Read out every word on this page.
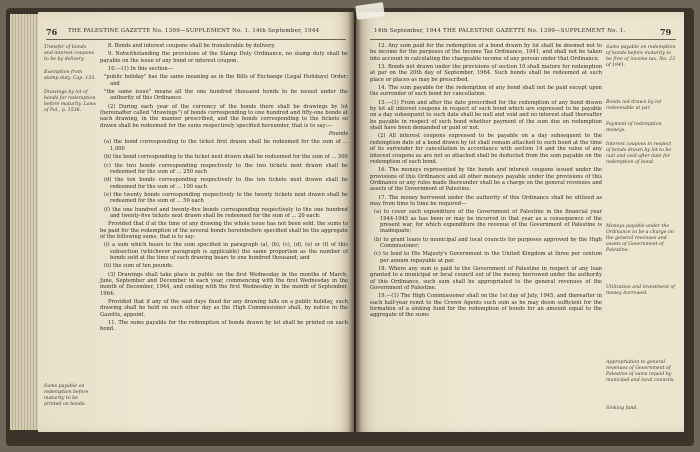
76 THE PALESTINE GAZETTE No. 1399—SUPPLEMENT No. 1. 14th September, 1944
Transfer of bonds and interest coupons to be by delivery.
Exemption from stamp duty. Cap. 133.
Drawings by lot of bonds for redemption before maturity. Laws of Pal., p. 1536.
Sums payable on redemption before maturity to be printed on bonds.

8. Bonds and interest coupons shall be transferable by delivery.

9. Notwithstanding the provisions of the Stamp Duty Ordinance, no stamp duty shall be payable on the issue of any bond or interest coupon.

10.—(1) In this section—

"public holiday" has the same meaning as in the Bills of Exchange (Legal Holidays) Order; and

"the same issue" means all the one hundred thousand bonds to be issued under the authority of this Ordinance.

(2) During each year of the currency of the bonds there shall be drawings by lot (hereinafter called "drawings") of bonds corresponding to one hundred and fifty-one bonds at each drawing, in the manner prescribed, and the bonds corresponding to the tickets so drawn shall be redeemed for the sums respectively specified hereunder, that is to say:—

Pounds

(a) the bond corresponding to the ticket first drawn shall be redeemed for the sum of ... 1,000

(b) the bond corresponding to the ticket next drawn shall be redeemed for the sum of ... 500

(c) the two bonds corresponding respectively to the two tickets next drawn shall be redeemed for the sum of ... 250 each

(d) the ten bonds corresponding respectively to the ten tickets next drawn shall be redeemed for the sum of ... 100 each

(e) the twenty bonds corresponding respectively to the twenty tickets next drawn shall be redeemed for the sum of ... 50 each

(f) the one hundred and twenty-five bonds corresponding respectively to the one hundred and twenty-five tickets next drawn shall be redeemed for the sum of ... 20 each:

Provided that if at the time of any drawing the whole issue has not been sold, the sums to be paid for the redemption of the several bonds hereinbefore specified shall be the aggregate of the following sums, that is to say:

(i) a sum which bears to the sum specified in paragraph (a), (b), (c), (d), (e) or (f) of this subsection (whichever paragraph is applicable) the same proportion as the number of bonds sold at the time of such drawing bears to one hundred thousand; and

(ii) the sum of ten pounds.

(3) Drawings shall take place in public on the first Wednesday in the months of March, June, September and December in each year, commencing with the first Wednesday in the month of December, 1944, and ending with the first Wednesday in the month of September, 1964:

Provided that if any of the said days fixed for any drawing falls on a public holiday, such drawing shall be held on such other day as the High Commissioner shall, by notice in the Gazette, appoint.

11. The sums payable for the redemption of bonds drawn by lot shall be printed on each bond.

14th September, 1944 THE PALESTINE GAZETTE No. 1399—SUPPLEMENT No. 1.	79

12. Any sum paid for the redemption of a bond drawn by lot shall be deemed not to be income for the purposes of the Income Tax Ordinance, 1941, and shall not be taken into account in calculating the chargeable income of any person under that Ordinance.

13. Bonds not drawn under the provisions of section 10 shall mature for redemption at par on the 20th day of September, 1964. Such bonds shall be redeemed at such place or places as may be prescribed.

14. The sum payable for the redemption of any bond shall not be paid except upon the surrender of such bond for cancellation.

15.—(1) From and after the date prescribed for the redemption of any bond drawn by lot all interest coupons in respect of such bond which are expressed to be payable on a day subsequent to such date shall be null and void and no interest shall thereafter be payable in respect of such bond whether payment of the sum due on redemption shall have been demanded or paid or not.

(2) All interest coupons expressed to be payable on a day subsequent to the redemption date of a bond drawn by lot shall remain attached to such bond at the time of its surrender for cancellation in accordance with section 14 and the value of any interest coupons as are not so attached shall be deducted from the sum payable on the redemption of such bond.

16. The moneys represented by the bonds and interest coupons issued under the provisions of this Ordinance and all other moneys payable under the provisions of this Ordinance or any rules made thereunder shall be a charge on the general revenues and assets of the Government of Palestine.

17. The money borrowed under the authority of this Ordinance shall be utilized as may from time to time be required—

(a) to cover such expenditure of the Government of Palestine in the financial year 1944-1945 as has been or may be incurred in that year as a consequence of the present war, for which expenditure the revenue of the Government of Palestine is inadequate;

(b) to grant loans to municipal and local councils for purposes approved by the High Commissioner;

(c) to lend to His Majesty's Government in the United Kingdom at three per centum per annum repayable at par.

18. Where any sum is paid to the Government of Palestine in respect of any loan granted to a municipal or local council out of the money borrowed under the authority of this Ordinance, such sum shall be appropriated to the general revenues of the Government of Palestine.

19.—(1) The High Commissioner shall on the 1st day of July, 1945, and thereafter in each half-year remit to the Crown Agents such sum as he may deem sufficient for the formation of a sinking fund for the redemption of bonds for an amount equal to the aggregate of the sums

Sums payable on redemption of bonds before maturity to be free of income tax. No. 23 of 1941.
Bonds not drawn by lot redeemable at par.
Payment of redemption moneys.
Interest coupons in respect of bonds drawn by lot to be null and void after date for redemption of bond.
Moneys payable under the Ordinance to be a charge on the general revenues and assets of Government of Palestine.
Utilization and investment of money borrowed.
Appropriation to general revenues of Government of Palestine of sums repaid by municipal and local councils.
Sinking fund.
